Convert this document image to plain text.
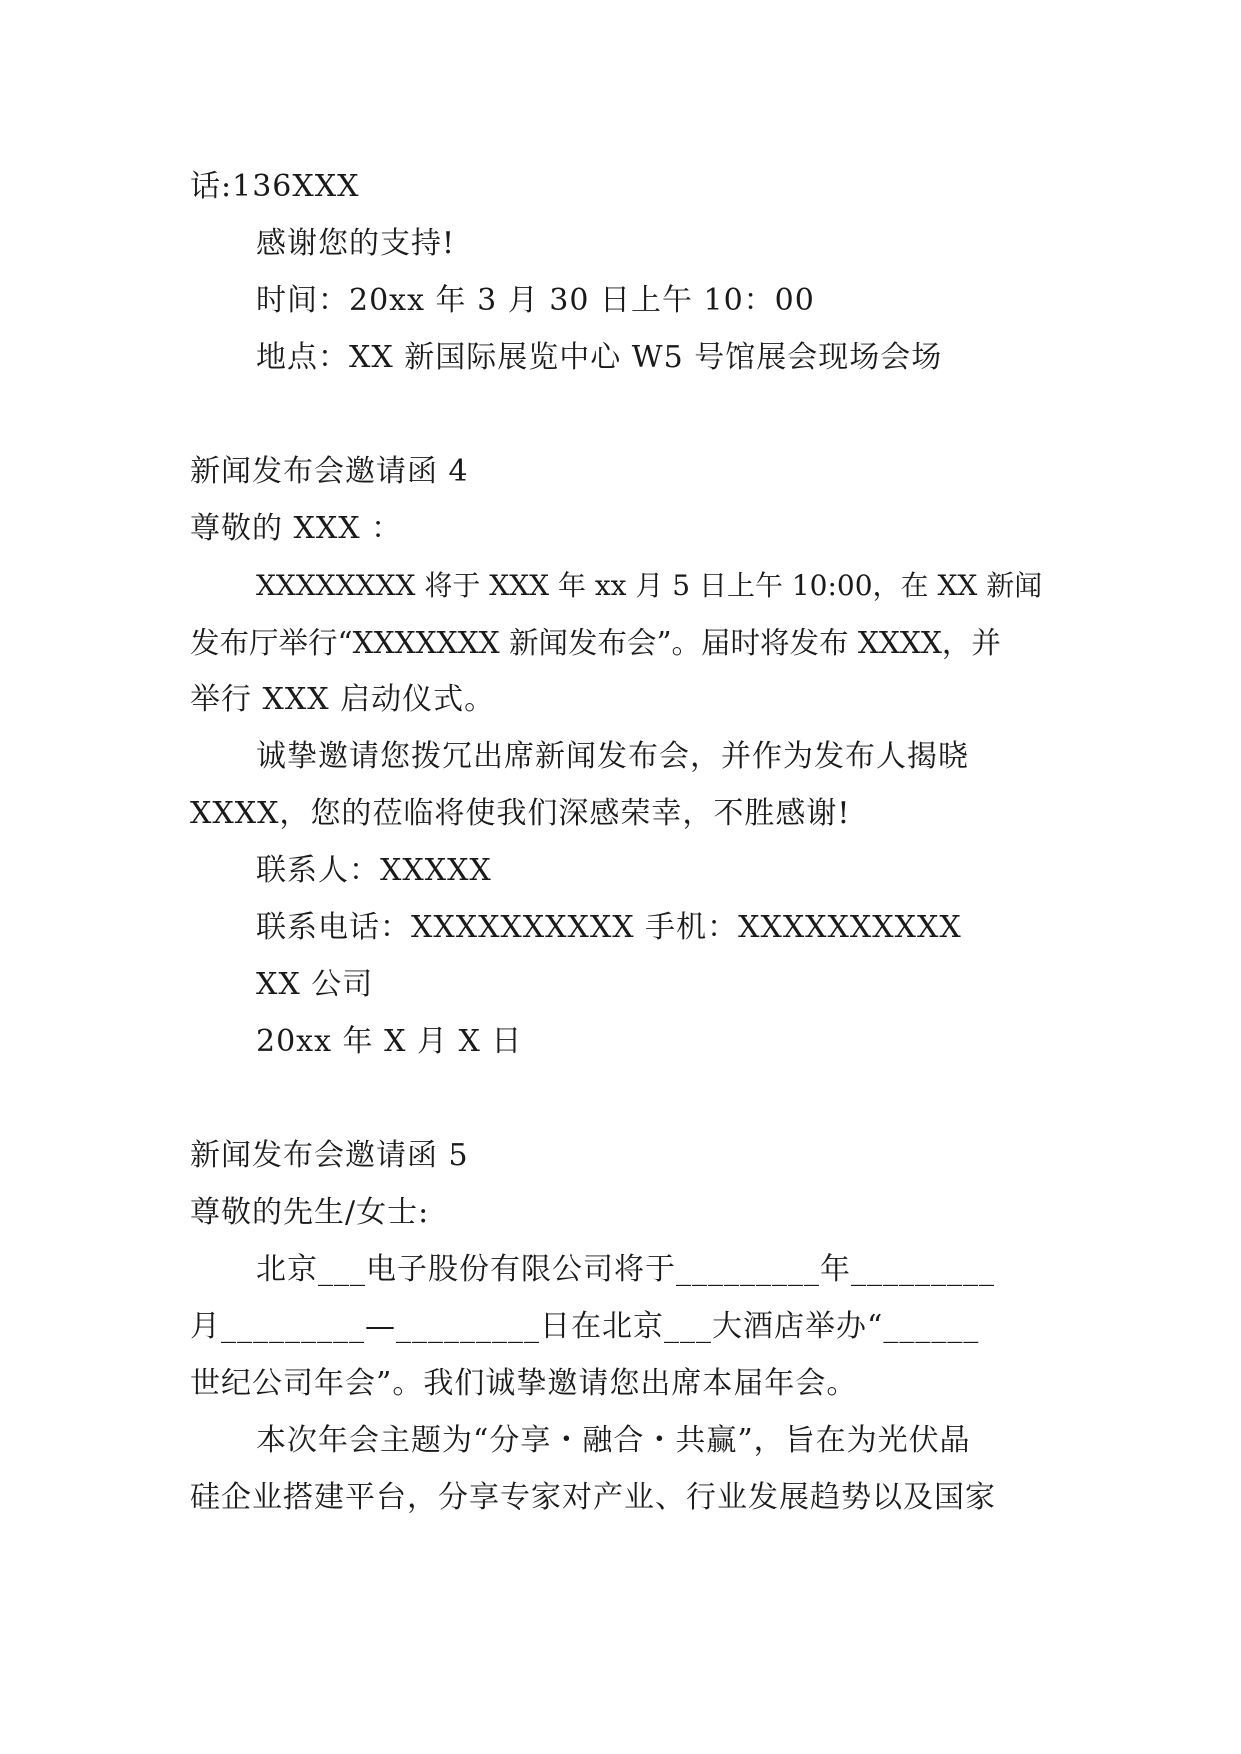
话:136XXX
感谢您的支持!
时间：20xx 年 3 月 30 日上午 10：00
地点：XX 新国际展览中心 W5 号馆展会现场会场
新闻发布会邀请函 4
尊敬的 XXX ：
XXXXXXXX 将于 XXX 年 xx 月 5 日上午 10:00，在 XX 新闻
发布厅举行“XXXXXXX 新闻发布会”。届时将发布 XXXX，并
举行 XXX 启动仪式。
诚挚邀请您拨冗出席新闻发布会，并作为发布人揭晓
XXXX，您的莅临将使我们深感荣幸，不胜感谢!
联系人：XXXXX
联系电话：XXXXXXXXXX 手机：XXXXXXXXXX
XX 公司
20xx 年 X 月 X 日
新闻发布会邀请函 5
尊敬的先生/女士:
北京___电子股份有限公司将于_________年_________
月_________—_________日在北京___大酒店举办“______
世纪公司年会”。我们诚挚邀请您出席本届年会。
本次年会主题为“分享・融合・共赢”，旨在为光伏晶
硅企业搭建平台，分享专家对产业、行业发展趋势以及国家
